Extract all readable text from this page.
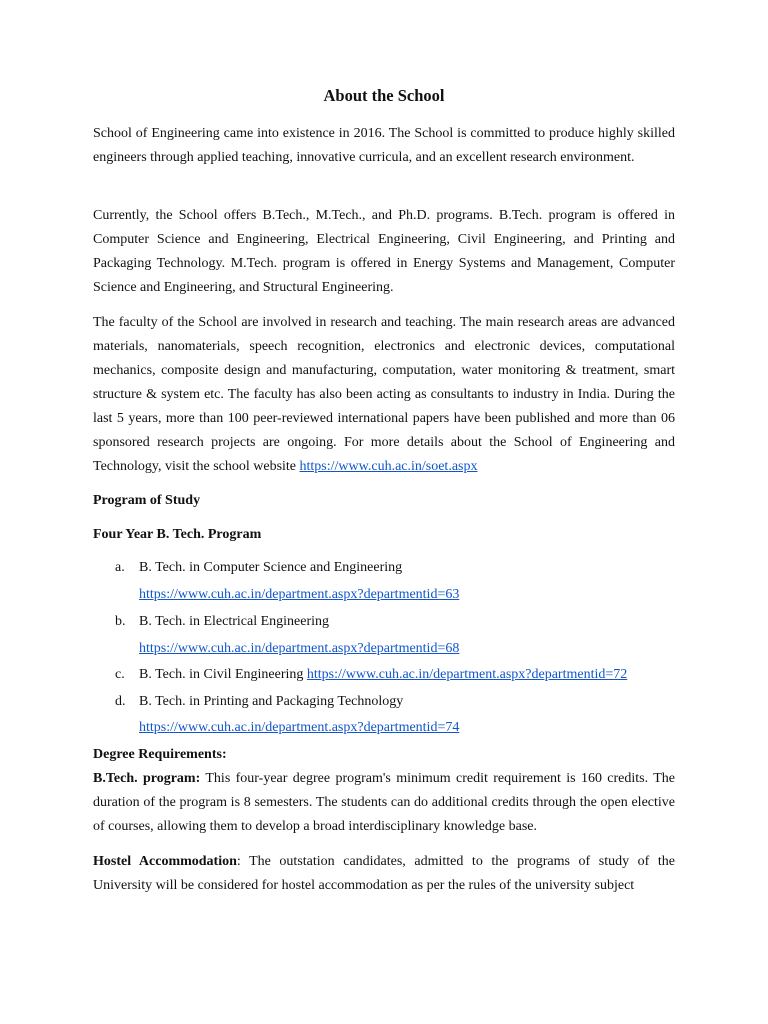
About the School

School of Engineering came into existence in 2016. The School is committed to produce highly skilled engineers through applied teaching, innovative curricula, and an excellent research environment.

Currently, the School offers B.Tech., M.Tech., and Ph.D. programs. B.Tech. program is offered in Computer Science and Engineering, Electrical Engineering, Civil Engineering, and Printing and Packaging Technology. M.Tech. program is offered in Energy Systems and Management, Computer Science and Engineering, and Structural Engineering.

The faculty of the School are involved in research and teaching. The main research areas are advanced materials, nanomaterials, speech recognition, electronics and electronic devices, computational mechanics, composite design and manufacturing, computation, water monitoring & treatment, smart structure & system etc. The faculty has also been acting as consultants to industry in India. During the last 5 years, more than 100 peer-reviewed international papers have been published and more than 06 sponsored research projects are ongoing. For more details about the School of Engineering and Technology, visit the school website https://www.cuh.ac.in/soet.aspx

Program of Study

Four Year B. Tech. Program

a. B. Tech. in Computer Science and Engineering

https://www.cuh.ac.in/department.aspx?departmentid=63

b. B. Tech. in Electrical Engineering

https://www.cuh.ac.in/department.aspx?departmentid=68

c. B. Tech. in Civil Engineering https://www.cuh.ac.in/department.aspx?departmentid=72

d. B. Tech. in Printing and Packaging Technology

https://www.cuh.ac.in/department.aspx?departmentid=74

Degree Requirements:

B.Tech. program: This four-year degree program's minimum credit requirement is 160 credits. The duration of the program is 8 semesters. The students can do additional credits through the open elective of courses, allowing them to develop a broad interdisciplinary knowledge base.

Hostel Accommodation: The outstation candidates, admitted to the programs of study of the University will be considered for hostel accommodation as per the rules of the university subject
